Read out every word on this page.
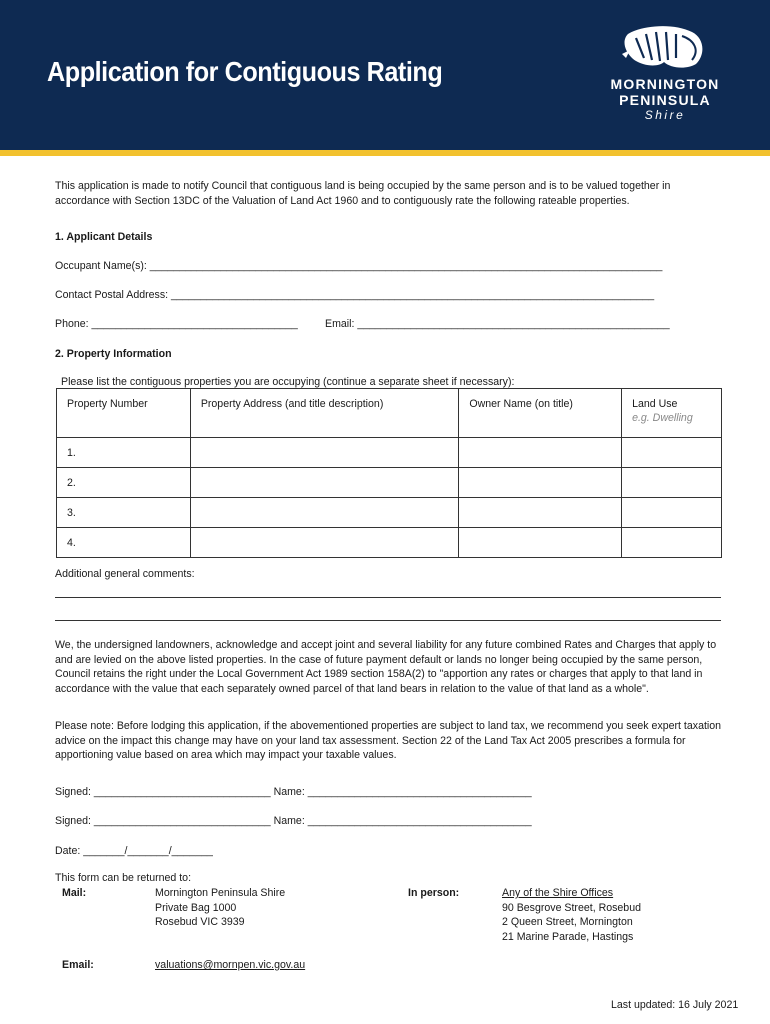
Application for Contiguous Rating	MORNINGTON
PENINSULA
Shire
This application is made to notify Council that contiguous land is being occupied by the same person and is to be valued together in accordance with Section 13DC of the Valuation of Land Act 1960 and to contiguously rate the following rateable properties.
1. Applicant Details
Occupant Name(s): _______________________________________________________________________________________
Contact Postal Address: __________________________________________________________________________________
Phone: ___________________________________	Email: _____________________________________________________
2. Property Information
Please list the contiguous properties you are occupying (continue a separate sheet if necessary):
Property Number	Property Address (and title description)	Owner Name (on title)	Land Use
e.g. Dwelling

1.			
2.			
3.			
4.			
Additional general comments:
We, the undersigned landowners, acknowledge and accept joint and several liability for any future combined Rates and Charges that apply to and are levied on the above listed properties. In the case of future payment default or lands no longer being occupied by the same person, Council retains the right under the Local Government Act 1989 section 158A(2) to "apportion any rates or charges that apply to that land in accordance with the value that each separately owned parcel of that land bears in relation to the value of that land as a whole".
Please note: Before lodging this application, if the abovementioned properties are subject to land tax, we recommend you seek expert taxation advice on the impact this change may have on your land tax assessment. Section 22 of the Land Tax Act 2005 prescribes a formula for apportioning value based on area which may impact your taxable values.
Signed: ______________________________ Name: ______________________________________
Signed: ______________________________ Name: ______________________________________
Date: _______/_______/_______
This form can be returned to:
Mail:	Mornington Peninsula Shire
Private Bag 1000
Rosebud VIC 3939
In person:	Any of the Shire Offices
90 Besgrove Street, Rosebud
2 Queen Street, Mornington
21 Marine Parade, Hastings
Email:	valuations@mornpen.vic.gov.au
Last updated: 16 July 2021
